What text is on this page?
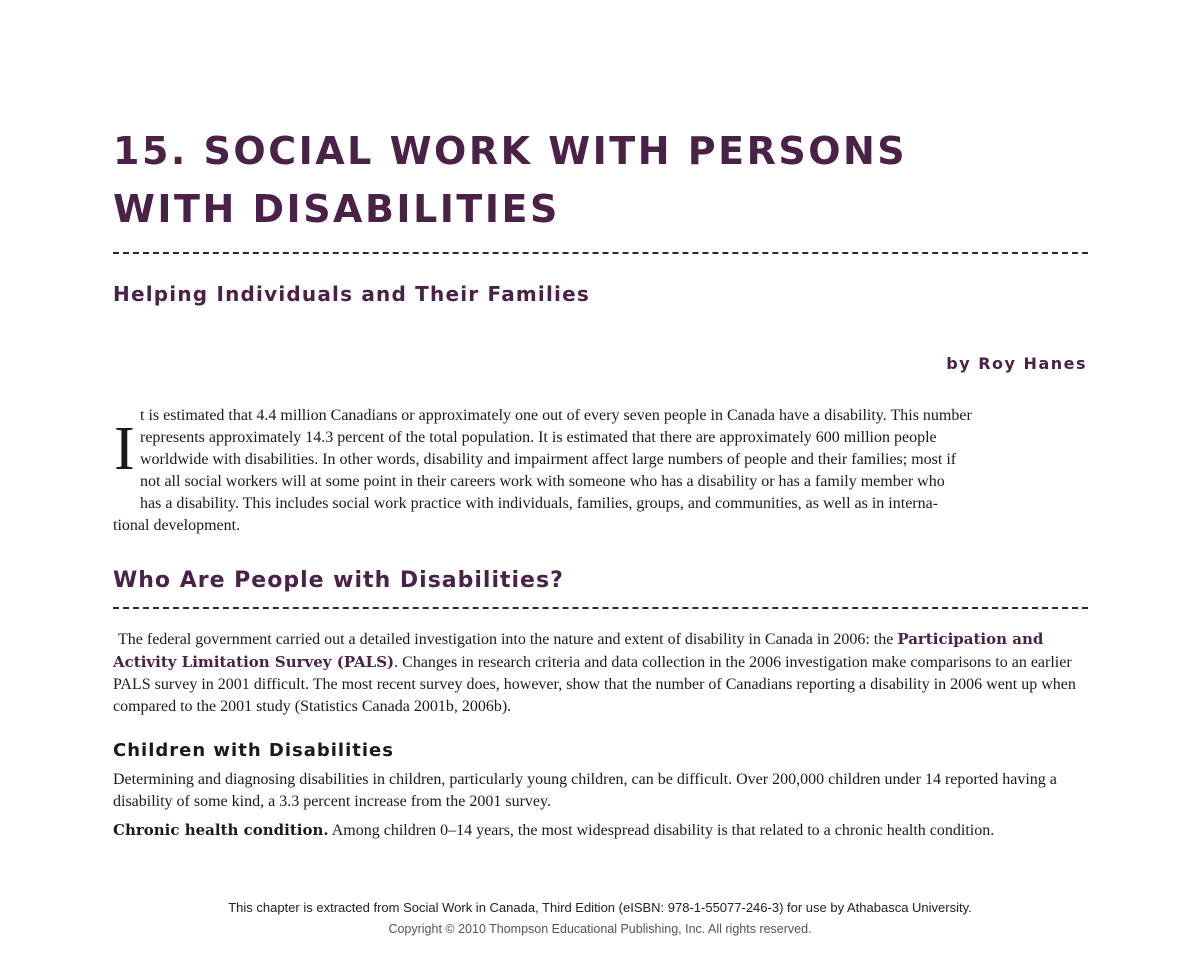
15. SOCIAL WORK WITH PERSONS WITH DISABILITIES
Helping Individuals and Their Families
by Roy Hanes
I t is estimated that 4.4 million Canadians or approximately one out of every seven people in Canada have a disability. This number
represents approximately 14.3 percent of the total population. It is estimated that there are approximately 600 million people
worldwide with disabilities. In other words, disability and impairment affect large numbers of people and their families; most if
not all social workers will at some point in their careers work with someone who has a disability or has a family member who
has a disability. This includes social work practice with individuals, families, groups, and communities, as well as in interna-
tional development.
Who Are People with Disabilities?

The federal government carried out a detailed investigation into the nature and extent of disability in Canada in 2006: the Participation and Activity Limitation Survey (PALS). Changes in research criteria and data collection in the 2006 investigation make comparisons to an earlier PALS survey in 2001 difficult. The most recent survey does, however, show that the number of Canadians reporting a disability in 2006 went up when compared to the 2001 study (Statistics Canada 2001b, 2006b).

Children with Disabilities

Determining and diagnosing disabilities in children, particularly young children, can be difficult. Over 200,000 children under 14 reported having a disability of some kind, a 3.3 percent increase from the 2001 survey.

Chronic health condition. Among children 0–14 years, the most widespread disability is that related to a chronic health condition.

This chapter is extracted from Social Work in Canada, Third Edition (eISBN: 978-1-55077-246-3) for use by Athabasca University.
Copyright © 2010 Thompson Educational Publishing, Inc. All rights reserved.
